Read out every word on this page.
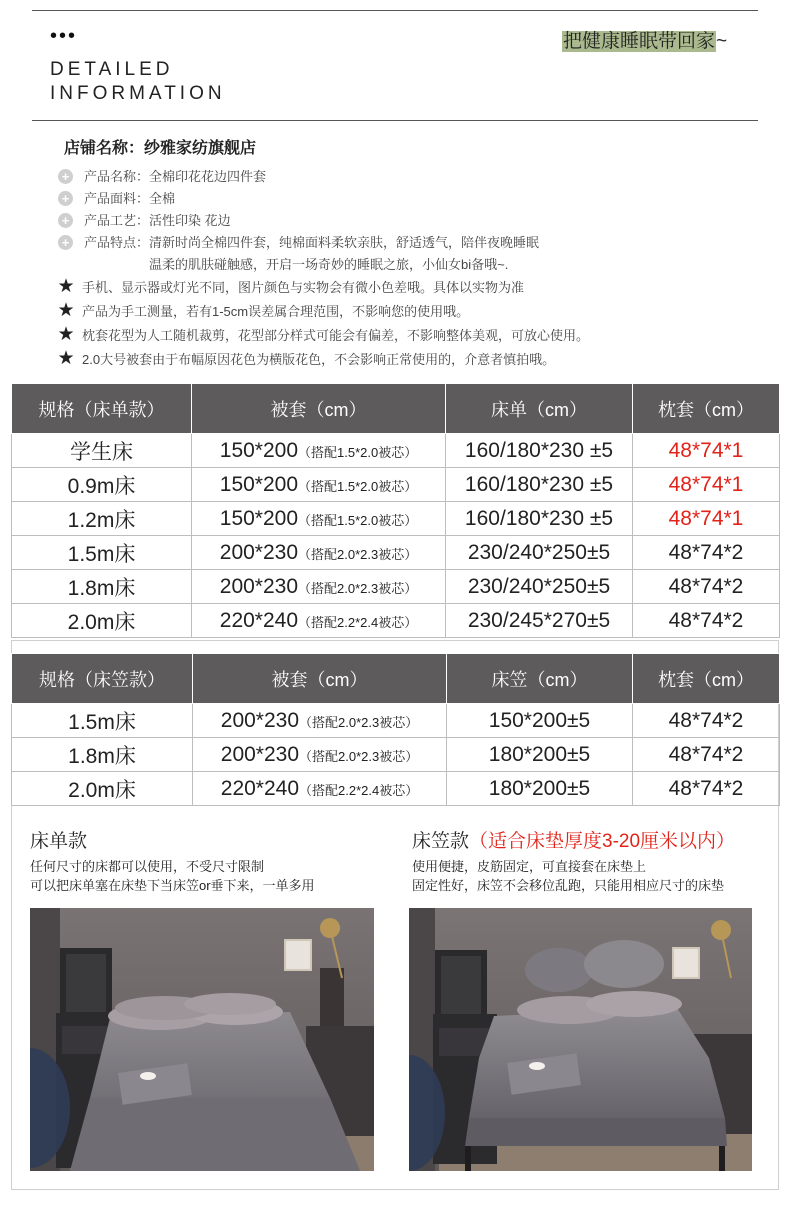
•••
DETAILED
INFORMATION
把健康睡眠带回家~
店铺名称：纱雅家纺旗舰店
+ 产品名称： 全棉印花花边四件套
+ 产品面料： 全棉
+ 产品工艺： 活性印染 花边
+ 产品特点： 清新时尚全棉四件套，纯棉面料柔软亲肤，舒适透气，陪伴夜晚睡眠
温柔的肌肤碰触感，开启一场奇妙的睡眠之旅，小仙女bi备哦~.
★ 手机、显示器或灯光不同，图片颜色与实物会有微小色差哦。具体以实物为准
★ 产品为手工测量，若有1-5cm误差属合理范围，不影响您的使用哦。
★ 枕套花型为人工随机裁剪，花型部分样式可能会有偏差，不影响整体美观，可放心使用。
★ 2.0大号被套由于布幅原因花色为横版花色，不会影响正常使用的，介意者慎拍哦。
规格（床单款）	被套（cm）	床单（cm）	枕套（cm）
学生床	150*200（搭配1.5*2.0被芯）	160/180*230 ±5	48*74*1
0.9m床	150*200（搭配1.5*2.0被芯）	160/180*230 ±5	48*74*1
1.2m床	150*200（搭配1.5*2.0被芯）	160/180*230 ±5	48*74*1
1.5m床	200*230（搭配2.0*2.3被芯）	230/240*250±5	48*74*2
1.8m床	200*230（搭配2.0*2.3被芯）	230/240*250±5	48*74*2
2.0m床	220*240（搭配2.2*2.4被芯）	230/245*270±5	48*74*2
规格（床笠款）	被套（cm）	床笠（cm）	枕套（cm）
1.5m床	200*230（搭配2.0*2.3被芯）	150*200±5	48*74*2
1.8m床	200*230（搭配2.0*2.3被芯）	180*200±5	48*74*2
2.0m床	220*240（搭配2.2*2.4被芯）	180*200±5	48*74*2
床单款
任何尺寸的床都可以使用，不受尺寸限制
可以把床单塞在床垫下当床笠or垂下来，一单多用
床笠款（适合床垫厚度3-20厘米以内）
使用便捷，皮筋固定，可直接套在床垫上
固定性好，床笠不会移位乱跑，只能用相应尺寸的床垫
